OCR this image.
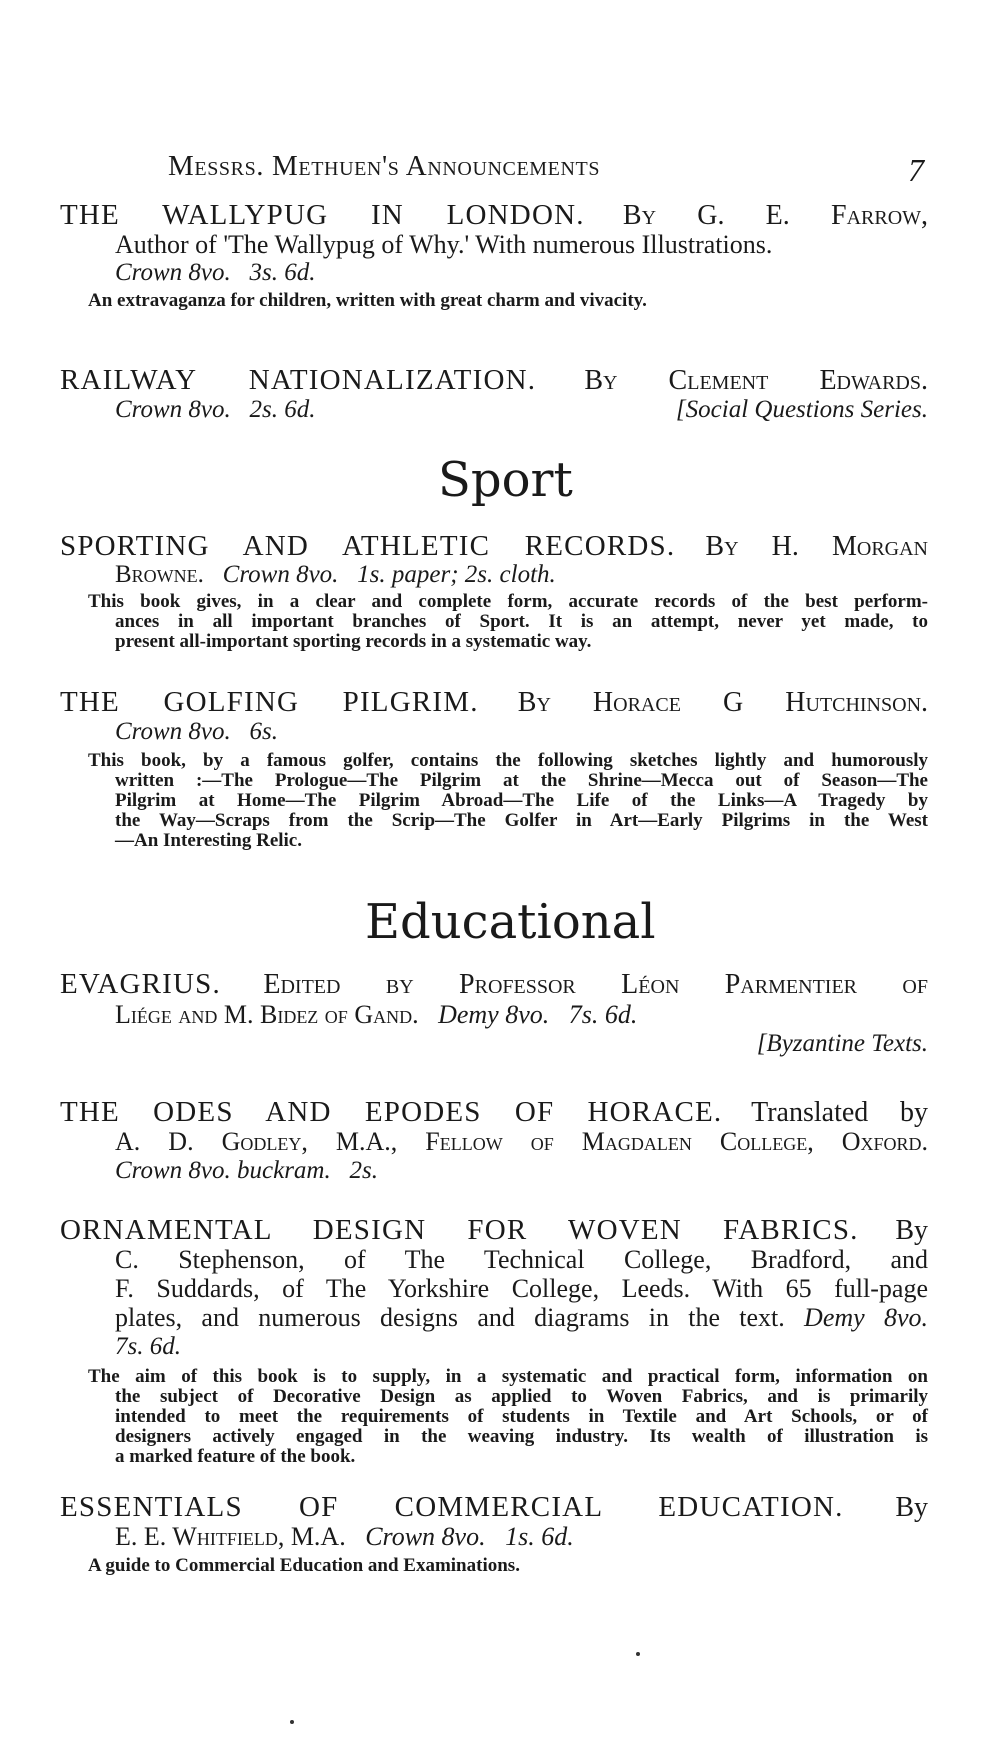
Messrs. Methuen's Announcements	7
THE WALLYPUG IN LONDON. By G. E. Farrow,
Author of 'The Wallypug of Why.' With numerous Illustrations.
Crown 8vo. 3s. 6d.
An extravaganza for children, written with great charm and vivacity.
RAILWAY NATIONALIZATION. By Clement Edwards.
Crown 8vo. 2s. 6d.	[Social Questions Series.
Sport
SPORTING AND ATHLETIC RECORDS. By H. Morgan
Browne. Crown 8vo. 1s. paper; 2s. cloth.
This book gives, in a clear and complete form, accurate records of the best perform-
ances in all important branches of Sport. It is an attempt, never yet made, to
present all-important sporting records in a systematic way.
THE GOLFING PILGRIM. By Horace G Hutchinson.
Crown 8vo. 6s.
This book, by a famous golfer, contains the following sketches lightly and humorously
written :—The Prologue—The Pilgrim at the Shrine—Mecca out of Season—The
Pilgrim at Home—The Pilgrim Abroad—The Life of the Links—A Tragedy by
the Way—Scraps from the Scrip—The Golfer in Art—Early Pilgrims in the West
—An Interesting Relic.
Educational
EVAGRIUS. Edited by Professor Léon Parmentier of
Liége and M. Bidez of Gand. Demy 8vo. 7s. 6d.
[Byzantine Texts.
THE ODES AND EPODES OF HORACE. Translated by
A. D. Godley, M.A., Fellow of Magdalen College, Oxford.
Crown 8vo. buckram. 2s.
ORNAMENTAL DESIGN FOR WOVEN FABRICS. By
C. Stephenson, of The Technical College, Bradford, and
F. Suddards, of The Yorkshire College, Leeds. With 65 full-page
plates, and numerous designs and diagrams in the text. Demy 8vo.
7s. 6d.
The aim of this book is to supply, in a systematic and practical form, information on
the subject of Decorative Design as applied to Woven Fabrics, and is primarily
intended to meet the requirements of students in Textile and Art Schools, or of
designers actively engaged in the weaving industry. Its wealth of illustration is
a marked feature of the book.
ESSENTIALS OF COMMERCIAL EDUCATION. By
E. E. Whitfield, M.A. Crown 8vo. 1s. 6d.
A guide to Commercial Education and Examinations.
